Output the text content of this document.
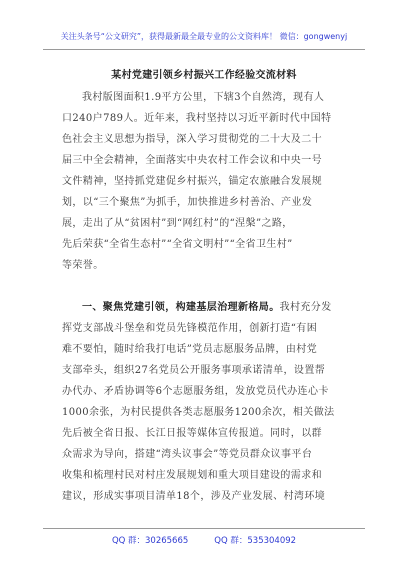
关注头条号“公文研究”，获得最新最全最专业的公文资料库！ 微信：gongwenyj
某村党建引领乡村振兴工作经验交流材料
我村版图面积1.9平方公里，下辖3个自然湾，现有人
口240户789人。近年来，我村坚持以习近平新时代中国特
色社会主义思想为指导，深入学习贯彻党的二十大及二十
届三中全会精神，全面落实中央农村工作会议和中央一号
文件精神，坚持抓党建促乡村振兴，锚定农旅融合发展规
划，以“三个聚焦”为抓手，加快推进乡村善治、产业发
展，走出了从“贫困村”到“网红村”的“涅槃”之路，
先后荣获“全省生态村”“全省文明村”“全省卫生村”
等荣誉。
一、聚焦党建引领，构建基层治理新格局。我村充分发
挥党支部战斗堡垒和党员先锋模范作用，创新打造“有困
难不要怕，随时给我打电话”党员志愿服务品牌，由村党
支部牵头，组织27名党员公开服务事项承诺清单，设置帮
办代办、矛盾协调等6个志愿服务组，发放党员代办连心卡
1000余张，为村民提供各类志愿服务1200余次，相关做法
先后被全省日报、长江日报等媒体宣传报道。同时，以群
众需求为导向，搭建“湾头议事会”等党员群众议事平台
收集和梳理村民对村庄发展规划和重大项目建设的需求和
建议，形成实事项目清单18个，涉及产业发展、村湾环境
QQ 群：30265665	QQ 群：535304092
